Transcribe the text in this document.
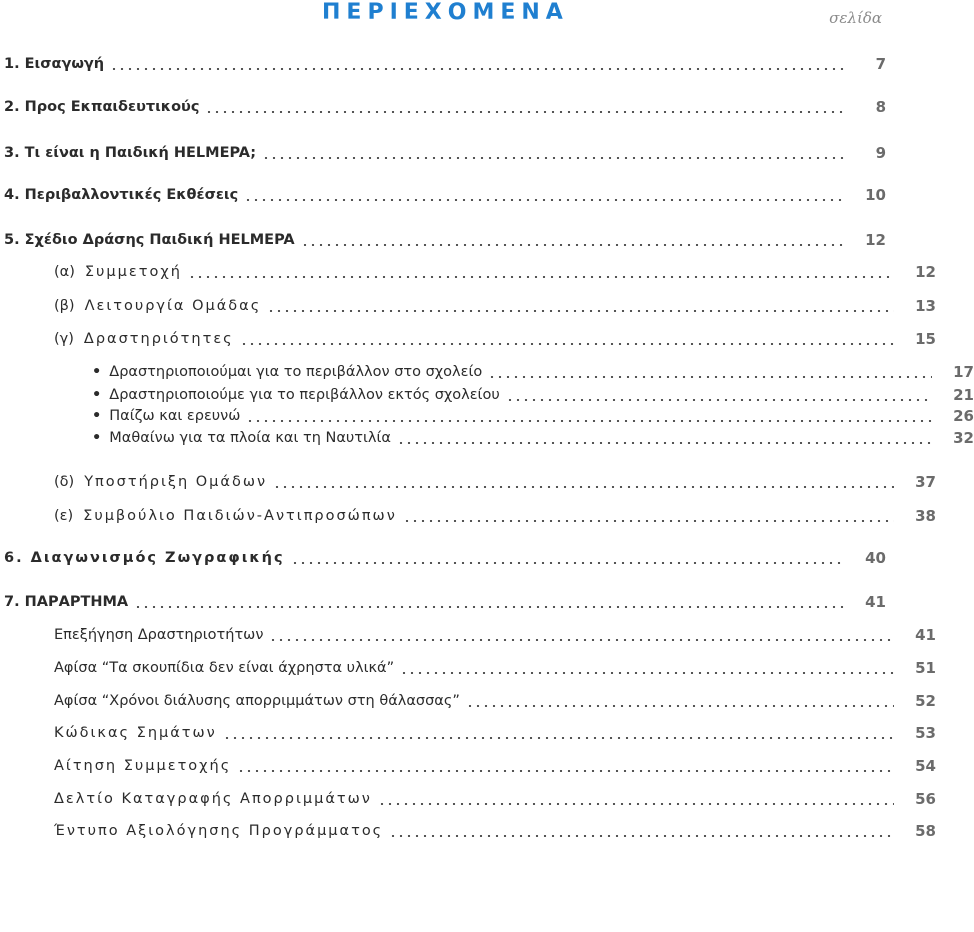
ΠΕΡΙΕΧΟΜΕΝΑ	σελίδα
1. Εισαγωγή	7
2. Προς Εκπαιδευτικούς	8
3. Τι είναι η Παιδική HELMEPA;	9
4. Περιβαλλοντικές Εκθέσεις	10
5. Σχέδιο Δράσης Παιδική HELMEPA	12
(α) Συμμετοχή	12
(β) Λειτουργία Ομάδας	13
(γ) Δραστηριότητες	15
• Δραστηριοποιούμαι για το περιβάλλον στο σχολείο	17
• Δραστηριοποιούμε για το περιβάλλον εκτός σχολείου	21
• Παίζω και ερευνώ	26
• Μαθαίνω για τα πλοία και τη Ναυτιλία	32
(δ) Υποστήριξη Ομάδων	37
(ε) Συμβούλιο Παιδιών-Αντιπροσώπων	38
6. Διαγωνισμός Ζωγραφικής	40
7. ΠΑΡΑΡΤΗΜΑ	41
Επεξήγηση Δραστηριοτήτων	41
Αφίσα “Τα σκουπίδια δεν είναι άχρηστα υλικά”	51
Αφίσα “Χρόνοι διάλυσης απορριμμάτων στη θάλασσας”	52
Κώδικας Σημάτων	53
Αίτηση Συμμετοχής	54
Δελτίο Καταγραφής Απορριμμάτων	56
Έντυπο Αξιολόγησης Προγράμματος	58
